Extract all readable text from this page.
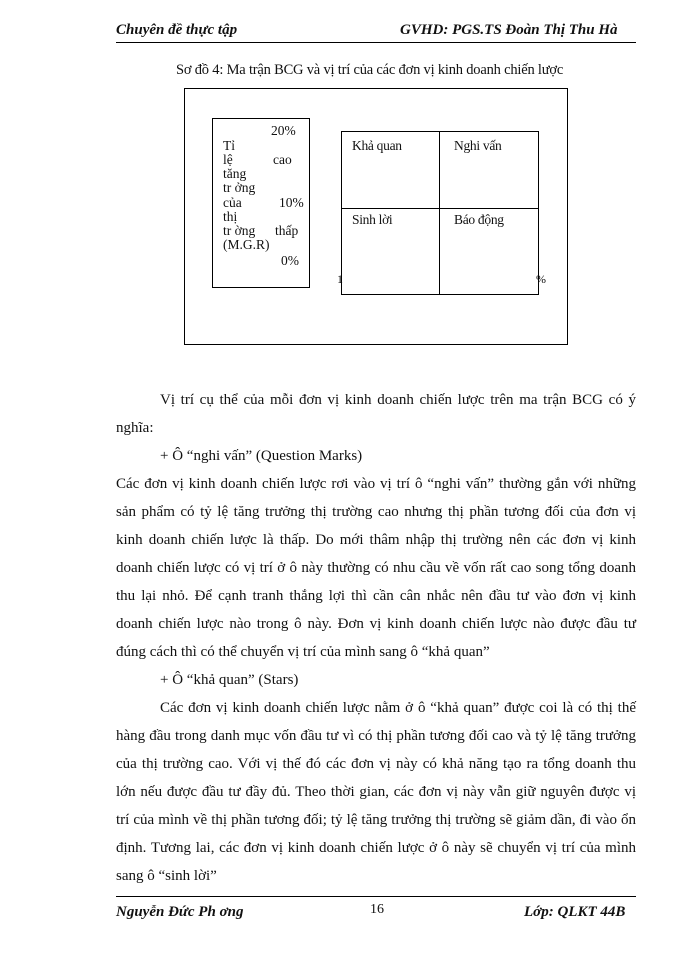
Chuyên đề thực tập	GVHD: PGS.TS Đoàn Thị Thu Hà
Sơ đồ 4: Ma trận BCG và vị trí của các đơn vị kinh doanh chiến lược
20%
Tỉ
lệ	cao
tăng
tr ởng
của	10%
thị
tr ờng thấp
(M.G.R)
0%
Khả quan	Nghi vấn
Sinh lời	Báo động
1	%
Vị trí cụ thể của mỗi đơn vị kinh doanh chiến lược trên ma trận BCG có ý
nghĩa:
+ Ô “nghi vấn” (Question Marks)
Các đơn vị kinh doanh chiến lược rơi vào vị trí ô “nghi vấn” thường gắn với những
sản phẩm có tỷ lệ tăng trưởng thị trường cao nhưng thị phần tương đối của đơn vị
kinh doanh chiến lược là thấp. Do mới thâm nhập thị trường nên các đơn vị kinh
doanh chiến lược có vị trí ở ô này thường có nhu cầu về vốn rất cao song tổng doanh
thu lại nhỏ. Để cạnh tranh thắng lợi thì cần cân nhắc nên đầu tư vào đơn vị kinh
doanh chiến lược nào trong ô này. Đơn vị kinh doanh chiến lược nào được đầu tư
đúng cách thì có thể chuyển vị trí của mình sang ô “khả quan”
+ Ô “khả quan” (Stars)
Các đơn vị kinh doanh chiến lược nằm ở ô “khả quan” được coi là có thị thế
hàng đầu trong danh mục vốn đầu tư vì có thị phần tương đối cao và tỷ lệ tăng trưởng
của thị trường cao. Với vị thế đó các đơn vị này có khả năng tạo ra tổng doanh thu
lớn nếu được đầu tư đầy đủ. Theo thời gian, các đơn vị này vẫn giữ nguyên được vị
trí của mình về thị phần tương đối; tỷ lệ tăng trưởng thị trường sẽ giảm dần, đi vào ổn
định. Tương lai, các đơn vị kinh doanh chiến lược ở ô này sẽ chuyển vị trí của mình
sang ô “sinh lời”
Nguyễn Đức Ph ơng	16	Lớp: QLKT 44B
